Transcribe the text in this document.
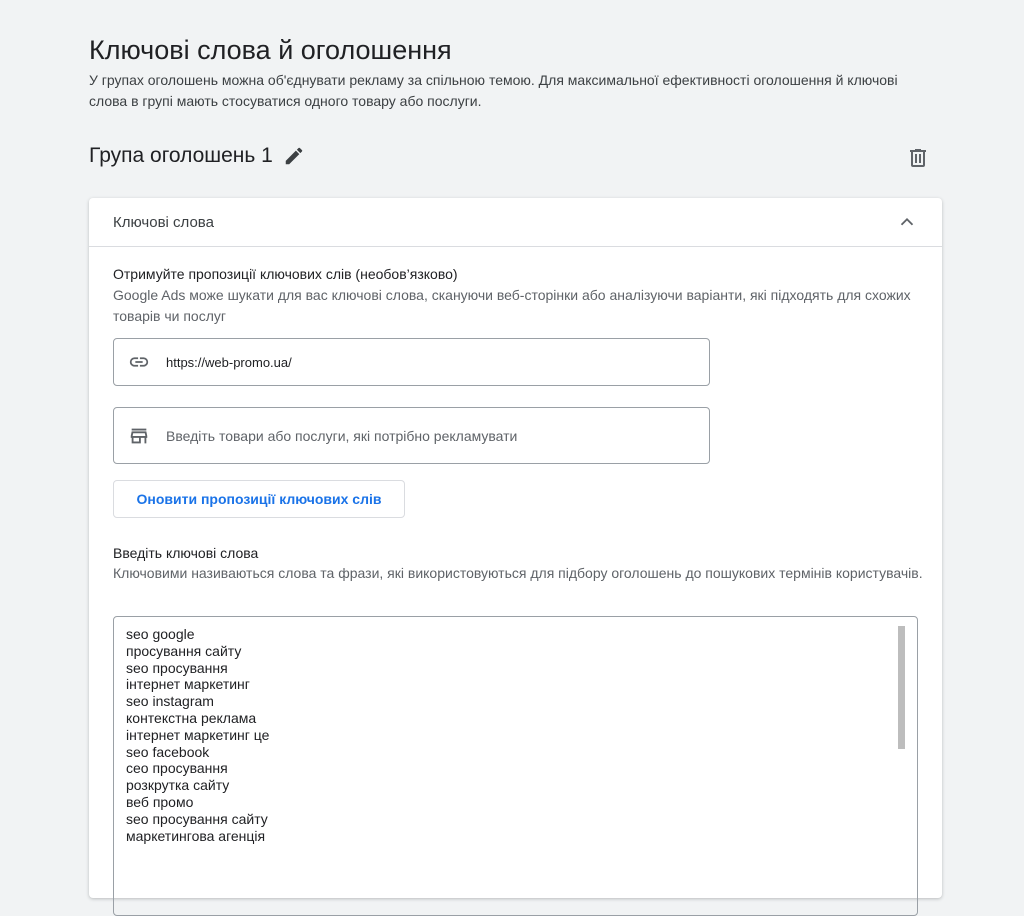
Ключові слова й оголошення
У групах оголошень можна об'єднувати рекламу за спільною темою. Для максимальної ефективності оголошення й ключові слова в групі мають стосуватися одного товару або послуги.
Група оголошень 1
Ключові слова
Отримуйте пропозиції ключових слів (необов’язково)
Google Ads може шукати для вас ключові слова, скануючи веб-сторінки або аналізуючи варіанти, які підходять для схожих товарів чи послуг
https://web-promo.ua/
Введіть товари або послуги, які потрібно рекламувати
Оновити пропозиції ключових слів
Введіть ключові слова
Ключовими називаються слова та фрази, які використовуються для підбору оголошень до пошукових термінів користувачів.
seo google
просування сайту
seo просування
інтернет маркетинг
seo instagram
контекстна реклама
інтернет маркетинг це
seo facebook
сео просування
розкрутка сайту
веб промо
seo просування сайту
маркетингова агенція
